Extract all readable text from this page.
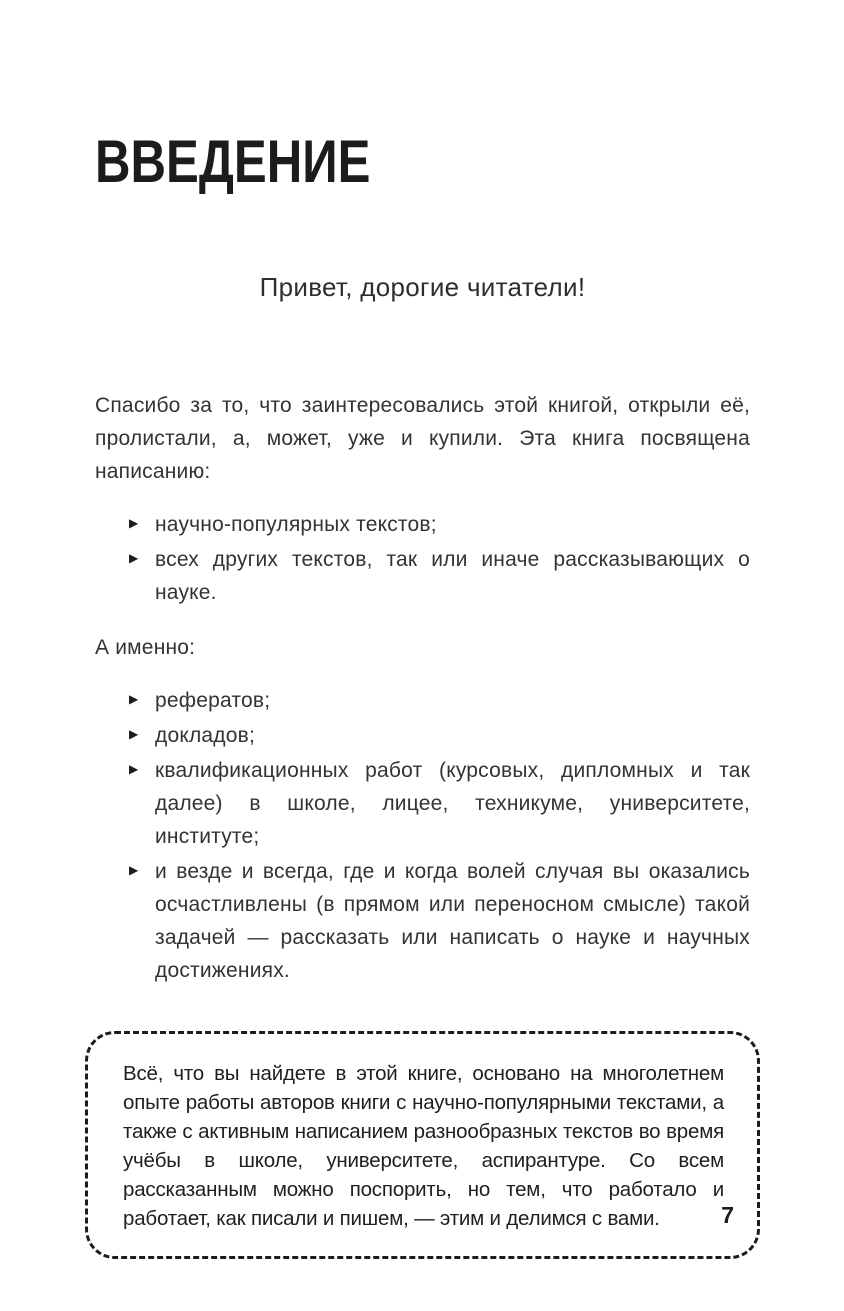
ВВЕДЕНИЕ
Привет, дорогие читатели!

Спасибо за то, что заинтересовались этой книгой, открыли её, пролистали, а, может, уже и купили. Эта книга посвящена написанию:

▶ научно-популярных текстов;
▶ всех других текстов, так или иначе рассказывающих о науке.

А именно:

▶ рефератов;
▶ докладов;
▶ квалификационных работ (курсовых, дипломных и так далее) в школе, лицее, техникуме, университете, институте;
▶ и везде и всегда, где и когда волей случая вы оказались осчастливлены (в прямом или переносном смысле) такой задачей — рассказать или написать о науке и научных достижениях.

Всё, что вы найдете в этой книге, основано на многолетнем опыте работы авторов книги с научно-популярными текстами, а также с активным написанием разнообразных текстов во время учёбы в школе, университете, аспирантуре. Со всем рассказанным можно поспорить, но тем, что работало и работает, как писали и пишем, — этим и делимся с вами.	7
